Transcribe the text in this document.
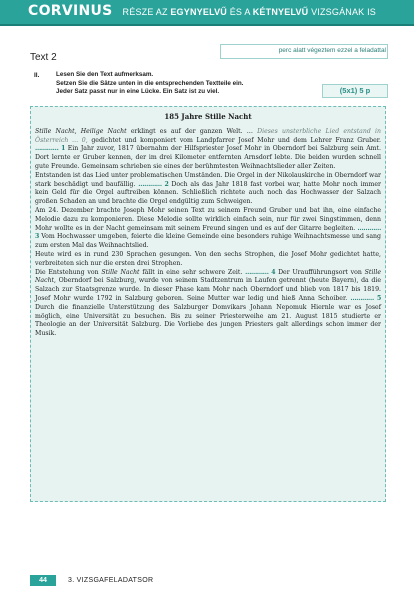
CORVINUS RÉSZE AZ EGYNYELVŰ ÉS A KÉTNYELVŰ VIZSGÁNAK IS
Text 2
perc alatt végeztem ezzel a feladattal
II.	Lesen Sie den Text aufmerksam.
Setzen Sie die Sätze unten in die entsprechenden Textteile ein.
Jeder Satz passt nur in eine Lücke. Ein Satz ist zu viel.	(5x1) 5 p
185 Jahre Stille Nacht

Stille Nacht, Heilige Nacht erklingt es auf der ganzen Welt. … Dieses unsterbliche Lied entstand in Österreich … 0, gedichtet und komponiert vom Landpfarrer Josef Mohr und dem Lehrer Franz Gruber. ………… 1 Ein Jahr zuvor, 1817 übernahm der Hilfspriester Josef Mohr in Oberndorf bei Salzburg sein Amt. Dort lernte er Gruber kennen, der im drei Kilometer entfernten Arnsdorf lebte. Die beiden wurden schnell gute Freunde. Gemeinsam schrieben sie eines der berühmtesten Weihnachtslieder aller Zeiten.

Entstanden ist das Lied unter problematischen Umständen. Die Orgel in der Nikolauskirche in Oberndorf war stark beschädigt und baufällig. ………… 2 Doch als das Jahr 1818 fast vorbei war, hatte Mohr noch immer kein Geld für die Orgel auftreiben können. Schließlich richtete auch noch das Hochwasser der Salzach großen Schaden an und brachte die Orgel endgültig zum Schweigen.

Am 24. Dezember brachte Joseph Mohr seinen Text zu seinem Freund Gruber und bat ihn, eine einfache Melodie dazu zu komponieren. Diese Melodie sollte wirklich einfach sein, nur für zwei Singstimmen, denn Mohr wollte es in der Nacht gemeinsam mit seinem Freund singen und es auf der Gitarre begleiten. ………… 3 Vom Hochwasser umgeben, feierte die kleine Gemeinde eine besonders ruhige Weihnachtsmesse und sang zum ersten Mal das Weihnachtslied.

Heute wird es in rund 230 Sprachen gesungen. Von den sechs Strophen, die Josef Mohr gedichtet hatte, verbreiteten sich nur die ersten drei Strophen.

Die Entstehung von Stille Nacht fällt in eine sehr schwere Zeit. ………… 4 Der Uraufführungsort von Stille Nacht, Oberndorf bei Salzburg, wurde von seinem Stadtzentrum in Laufen getrennt (heute Bayern), da die Salzach zur Staatsgrenze wurde. In dieser Phase kam Mohr nach Oberndorf und blieb von 1817 bis 1819. Josef Mohr wurde 1792 in Salzburg geboren. Seine Mutter war ledig und hieß Anna Schoiber. ………… 5 Durch die finanzielle Unterstützung des Salzburger Domvikars Johann Nepomuk Hiernle war es Josef möglich, eine Universität zu besuchen. Bis zu seiner Priesterweihe am 21. August 1815 studierte er Theologie an der Universität Salzburg. Die Vorliebe des jungen Priesters galt allerdings schon immer der Musik.

44	3. VIZSGAFELADATSOR
